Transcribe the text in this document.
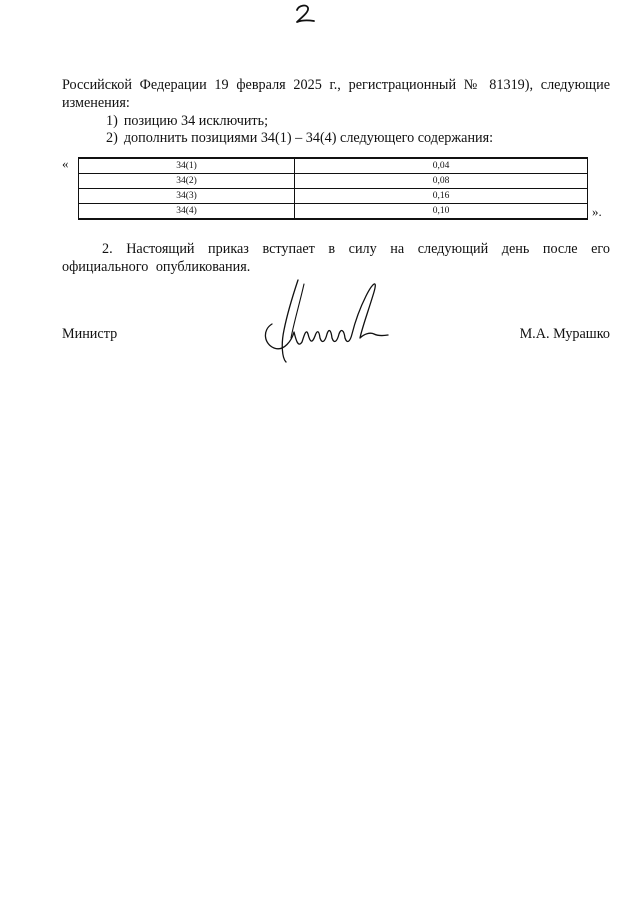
Российской Федерации 19 февраля 2025 г., регистрационный № 81319), следующие изменения:
1) позицию 34 исключить;
2) дополнить позициями 34(1) – 34(4) следующего содержания:
«	34(1)	0,04
34(2)	0,08
34(3)	0,16
34(4)	0,10	».
2. Настоящий приказ вступает в силу на следующий день после его официального опубликования.
Министр	М.А. Мурашко
